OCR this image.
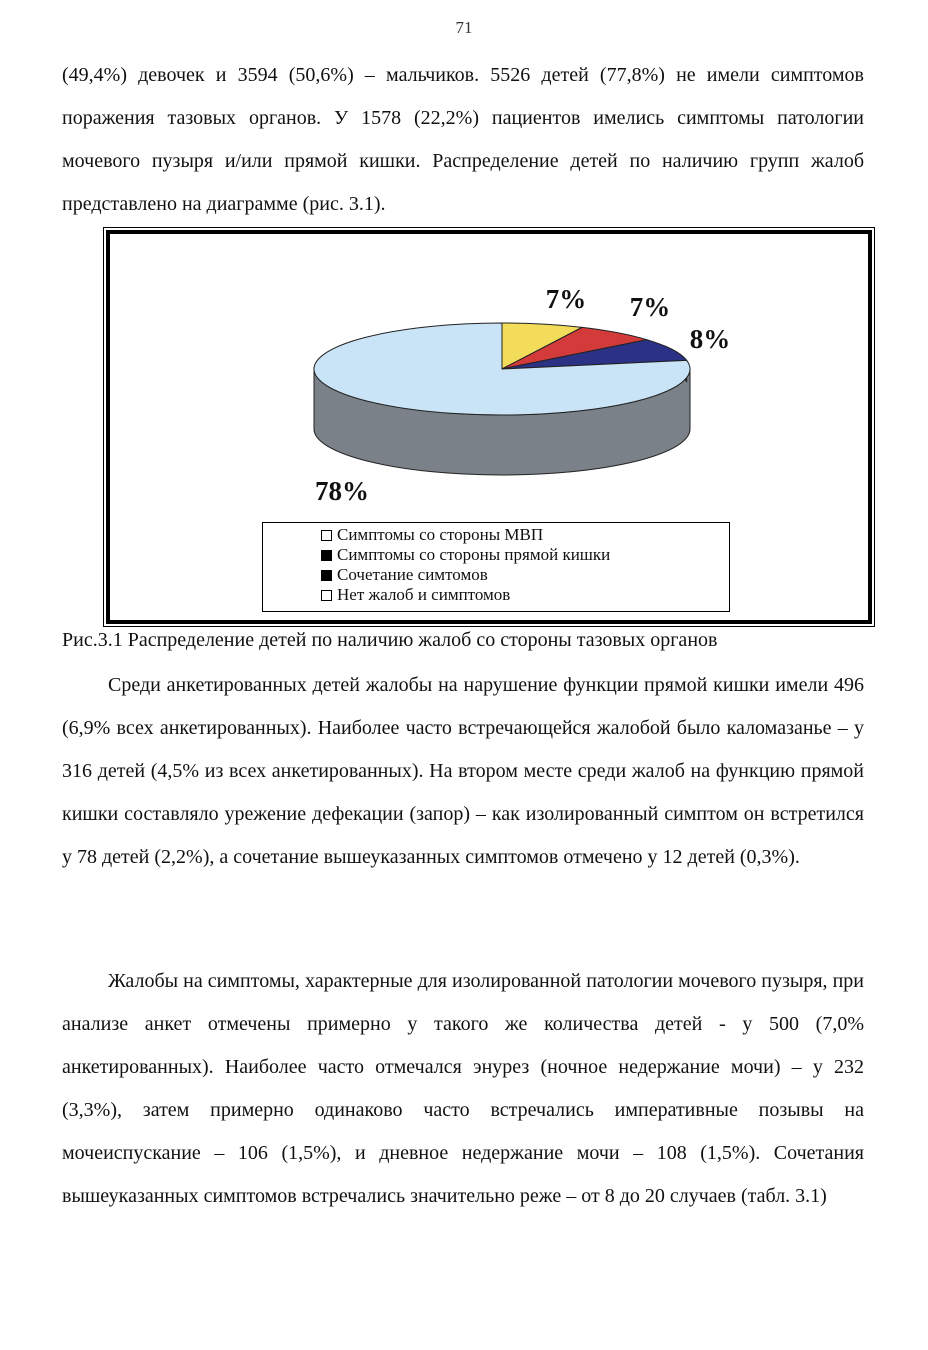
71

(49,4%) девочек и 3594 (50,6%) – мальчиков. 5526 детей (77,8%) не имели симптомов поражения тазовых органов. У 1578 (22,2%) пациентов имелись симптомы патологии мочевого пузыря и/или прямой кишки. Распределение детей по наличию групп жалоб представлено на диаграмме (рис. 3.1).

7% 7%
8%
78%
Симптомы со стороны МВП
Симптомы со стороны прямой кишки
Сочетание симтомов
Нет жалоб и симптомов
Рис.3.1 Распределение детей по наличию жалоб со стороны тазовых органов

Среди анкетированных детей жалобы на нарушение функции прямой кишки имели 496 (6,9% всех анкетированных). Наиболее часто встречающейся жалобой было каломазанье – у 316 детей (4,5% из всех анкетированных). На втором месте среди жалоб на функцию прямой кишки составляло урежение дефекации (запор) – как изолированный симптом он встретился у 78 детей (2,2%), а сочетание вышеуказанных симптомов отмечено у 12 детей (0,3%).

Жалобы на симптомы, характерные для изолированной патологии мочевого пузыря, при анализе анкет отмечены примерно у такого же количества детей - у 500 (7,0% анкетированных). Наиболее часто отмечался энурез (ночное недержание мочи) – у 232 (3,3%), затем примерно одинаково часто встречались императивные позывы на мочеиспускание – 106 (1,5%), и дневное недержание мочи – 108 (1,5%). Сочетания вышеуказанных симптомов встречались значительно реже – от 8 до 20 случаев (табл. 3.1)
